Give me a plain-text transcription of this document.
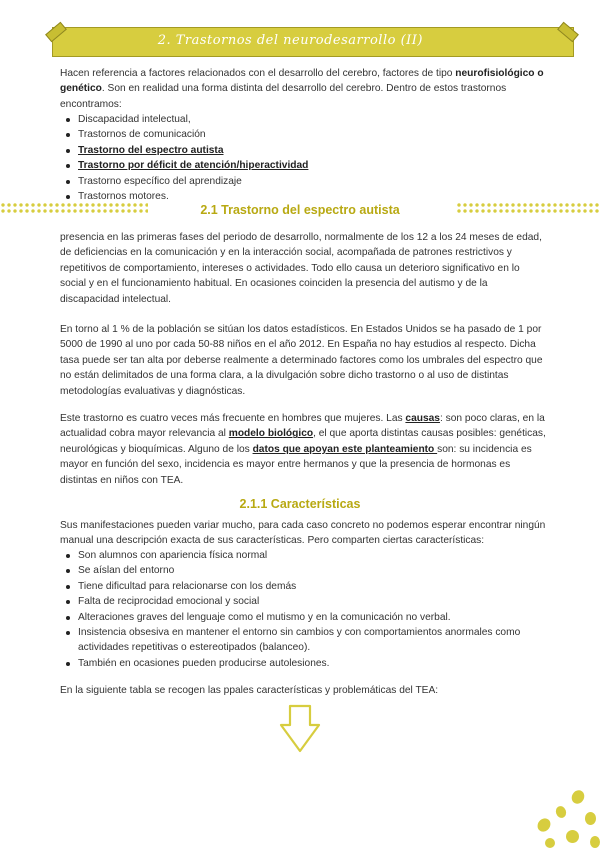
2. Trastornos del neurodesarrollo (II)

Hacen referencia a factores relacionados con el desarrollo del cerebro, factores de tipo neurofisiológico o genético. Son en realidad una forma distinta del desarrollo del cerebro. Dentro de estos trastornos encontramos:

Discapacidad intelectual,
Trastornos de comunicación
Trastorno del espectro autista
Trastorno por déficit de atención/hiperactividad
Trastorno específico del aprendizaje
Trastornos motores.
2.1 Trastorno del espectro autista

presencia en las primeras fases del periodo de desarrollo, normalmente de los 12 a los 24 meses de edad, de deficiencias en la comunicación y en la interacción social, acompañada de patrones restrictivos y repetitivos de comportamiento, intereses o actividades. Todo ello causa un deterioro significativo en lo social y en el funcionamiento habitual. En ocasiones coinciden la presencia del autismo y de la discapacidad intelectual.

En torno al 1 % de la población se sitúan los datos estadísticos. En Estados Unidos se ha pasado de 1 por 5000 de 1990 al uno por cada 50-88 niños en el año 2012. En España no hay estudios al respecto. Dicha tasa puede ser tan alta por deberse realmente a determinado factores como los umbrales del espectro que no están delimitados de una forma clara, a la divulgación sobre dicho trastorno o al uso de distintas metodologías evaluativas y diagnósticas.

Este trastorno es cuatro veces más frecuente en hombres que mujeres. Las causas: son poco claras, en la actualidad cobra mayor relevancia al modelo biológico, el que aporta distintas causas posibles: genéticas, neurológicas y bioquímicas. Alguno de los datos que apoyan este planteamiento son: su incidencia es mayor en función del sexo, incidencia es mayor entre hermanos y que la presencia de hormonas es distintas en niños con TEA.

2.1.1 Características

Sus manifestaciones pueden variar mucho, para cada caso concreto no podemos esperar encontrar ningún manual una descripción exacta de sus características. Pero comparten ciertas características:

Son alumnos con apariencia física normal
Se aíslan del entorno
Tiene dificultad para relacionarse con los demás
Falta de reciprocidad emocional y social
Alteraciones graves del lenguaje como el mutismo y en la comunicación no verbal.
Insistencia obsesiva en mantener el entorno sin cambios y con comportamientos anormales como actividades repetitivas o estereotipados (balanceo).
También en ocasiones pueden producirse autolesiones.

En la siguiente tabla se recogen las ppales características y problemáticas del TEA:
